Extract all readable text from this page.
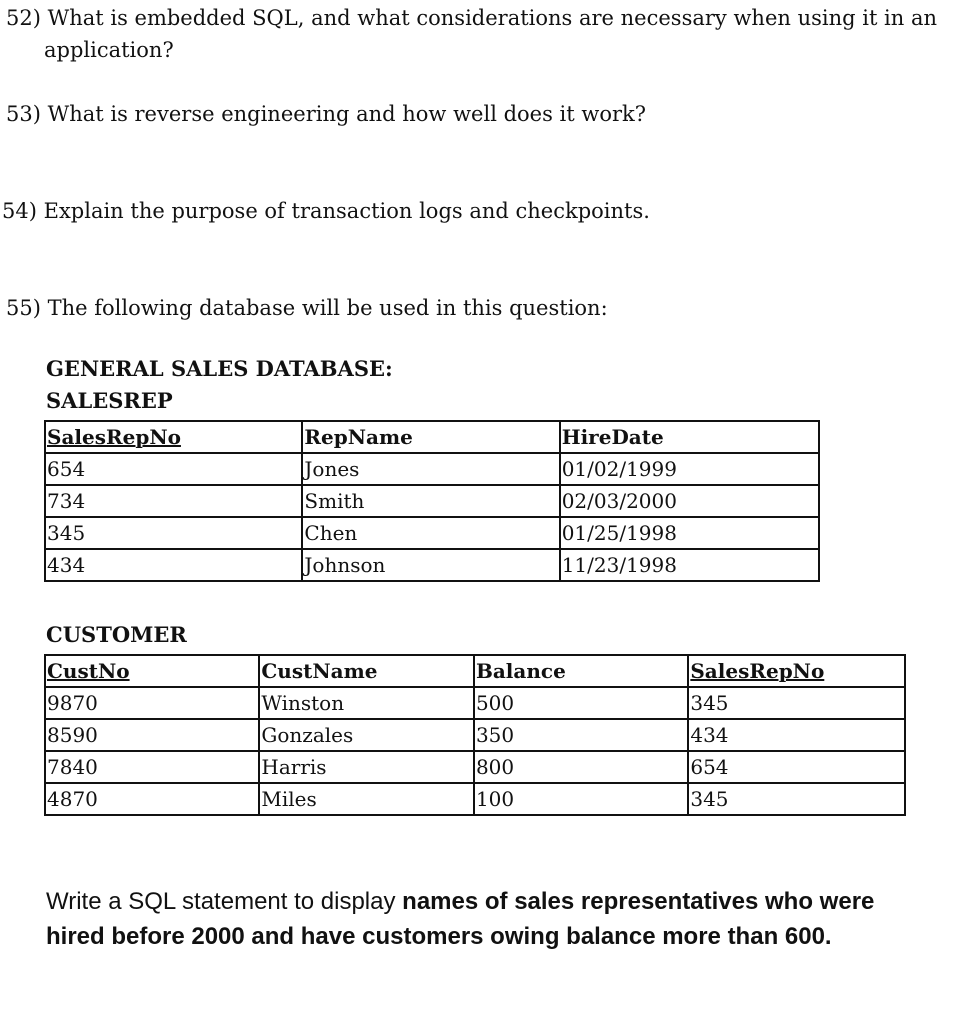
52) What is embedded SQL, and what considerations are necessary when using it in an
application?

53) What is reverse engineering and how well does it work?

54) Explain the purpose of transaction logs and checkpoints.

55) The following database will be used in this question:

GENERAL SALES DATABASE:

SALESREP

SalesRepNo	RepName	HireDate
654	Jones	01/02/1999
734	Smith	02/03/2000
345	Chen	01/25/1998
434	Johnson	11/23/1998

CUSTOMER

CustNo	CustName	Balance	SalesRepNo
9870	Winston	500	345
8590	Gonzales	350	434
7840	Harris	800	654
4870	Miles	100	345

Write a SQL statement to display names of sales representatives who were hired before 2000 and have customers owing balance more than 600.
